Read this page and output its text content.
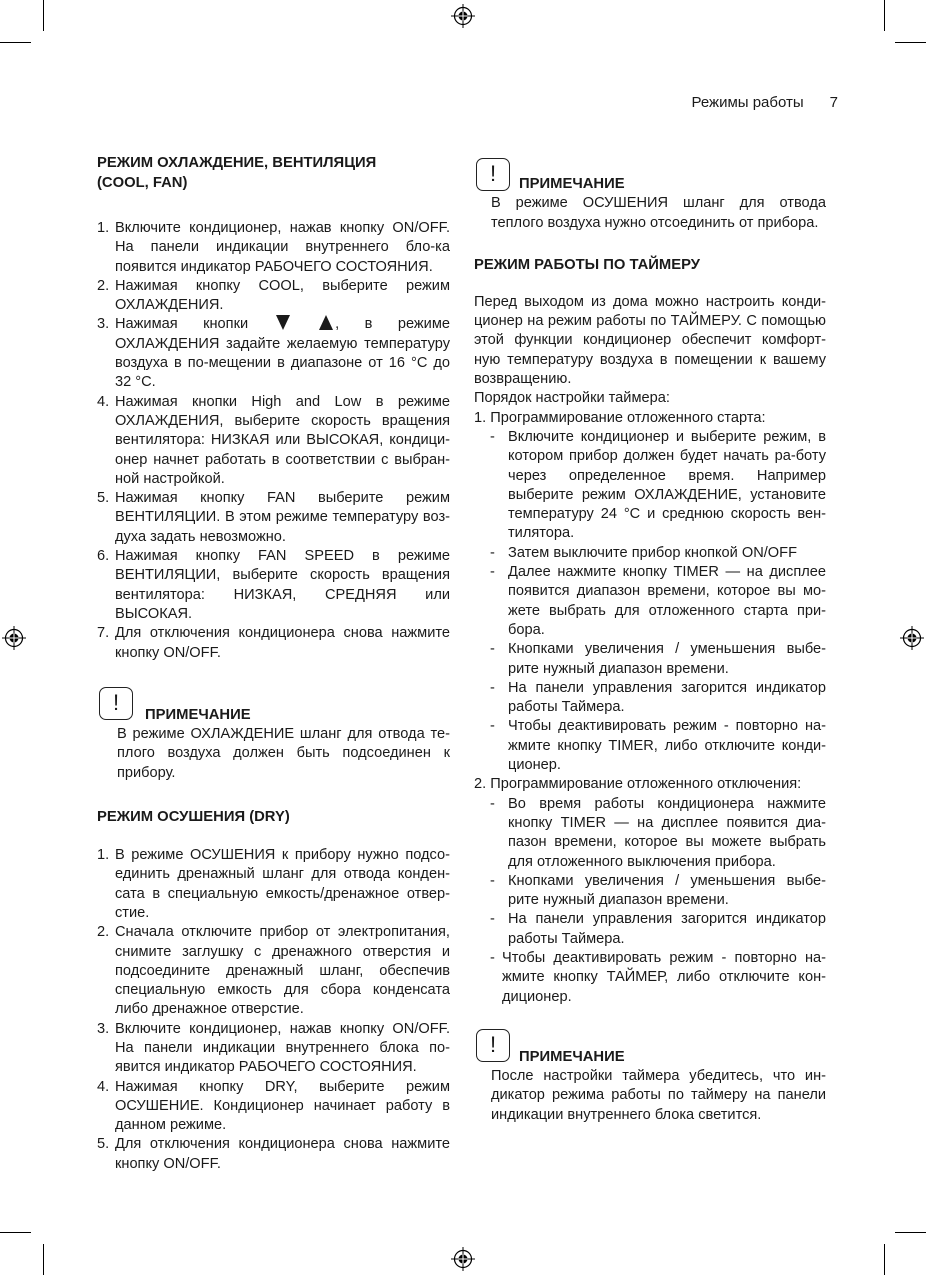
Режимы работы 7

РЕЖИМ ОХЛАЖДЕНИЕ, ВЕНТИЛЯЦИЯ
(COOL, FAN)

1. Включите кондиционер, нажав кнопку ON/OFF. На панели индикации внутреннего бло-ка появится индикатор РАБОЧЕГО СОСТОЯНИЯ.
2. Нажимая кнопку COOL, выберите режим ОХЛАЖДЕНИЯ.
3. Нажимая кнопки	, в режиме ОХЛАЖДЕНИЯ задайте желаемую температуру воздуха в по-мещении в диапазоне от 16 °С до 32 °С.
4. Нажимая кнопки High and Low в режиме ОХЛАЖДЕНИЯ, выберите скорость вращения вентилятора: НИЗКАЯ или ВЫСОКАЯ, кондици-онер начнет работать в соответствии с выбран-ной настройкой.
5. Нажимая кнопку FAN выберите режим ВЕНТИЛЯЦИИ. В этом режиме температуру воз-духа задать невозможно.
6. Нажимая кнопку FAN SPEED в режиме ВЕНТИЛЯЦИИ, выберите скорость вращения вентилятора: НИЗКАЯ, СРЕДНЯЯ или ВЫСОКАЯ.
7. Для отключения кондиционера снова нажмите кнопку ON/OFF.
!	ПРИМЕЧАНИЕ
В режиме ОХЛАЖДЕНИЕ шланг для отвода те-плого воздуха должен быть подсоединен к прибору.

РЕЖИМ ОСУШЕНИЯ (DRY)

1. В режиме ОСУШЕНИЯ к прибору нужно подсо-единить дренажный шланг для отвода конден-сата в специальную емкость/дренажное отвер-стие.
2. Сначала отключите прибор от электропитания, снимите заглушку с дренажного отверстия и подсоедините дренажный шланг, обеспечив специальную емкость для сбора конденсата либо дренажное отверстие.
3. Включите кондиционер, нажав кнопку ON/OFF. На панели индикации внутреннего блока по-явится индикатор РАБОЧЕГО СОСТОЯНИЯ.
4. Нажимая кнопку DRY, выберите режим ОСУШЕНИЕ. Кондиционер начинает работу в данном режиме.
5. Для отключения кондиционера снова нажмите кнопку ON/OFF.
!	ПРИМЕЧАНИЕ
В режиме ОСУШЕНИЯ шланг для отвода теплого воздуха нужно отсоединить от прибора.

РЕЖИМ РАБОТЫ ПО ТАЙМЕРУ

Перед выходом из дома можно настроить конди-ционер на режим работы по ТАЙМЕРУ. С помощью этой функции кондиционер обеспечит комфорт-ную температуру воздуха в помещении к вашему возвращению.

Порядок настройки таймера:

1. Программирование отложенного старта:

- Включите кондиционер и выберите режим, в котором прибор должен будет начать ра-боту через определенное время. Например выберите режим ОХЛАЖДЕНИЕ, установите температуру 24 °С и среднюю скорость вен-тилятора.
- Затем выключите прибор кнопкой ON/OFF
- Далее нажмите кнопку TIMER — на дисплее появится диапазон времени, которое вы мо-жете выбрать для отложенного старта при-бора.
- Кнопками увеличения / уменьшения выбе-рите нужный диапазон времени.
- На панели управления загорится индикатор работы Таймера.
- Чтобы деактивировать режим - повторно на-жмите кнопку TIMER, либо отключите конди-ционер.

2. Программирование отложенного отключения:

- Во время работы кондиционера нажмите кнопку TIMER — на дисплее появится диа-пазон времени, которое вы можете выбрать для отложенного выключения прибора.
- Кнопками увеличения / уменьшения выбе-рите нужный диапазон времени.
- На панели управления загорится индикатор работы Таймера.
- Чтобы деактивировать режим - повторно на-жмите кнопку ТАЙМЕР, либо отключите кон-диционер.
!	ПРИМЕЧАНИЕ
После настройки таймера убедитесь, что ин-дикатор режима работы по таймеру на панели индикации внутреннего блока светится.
